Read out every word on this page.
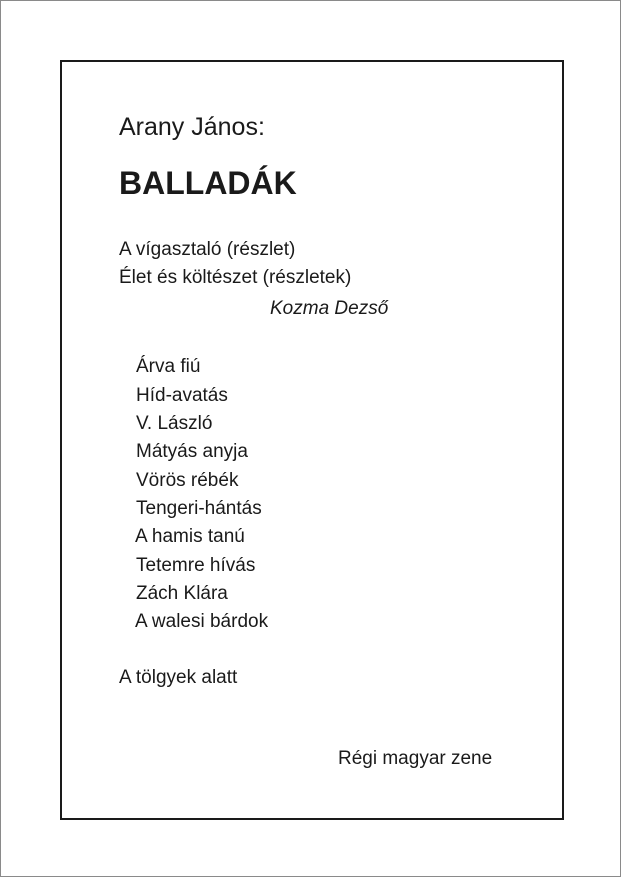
Arany János:
BALLADÁK
A vígasztaló (részlet)
Élet és költészet (részletek)
Kozma Dezső
Árva fiú
Híd-avatás
V. László
Mátyás anyja
Vörös rébék
Tengeri-hántás
A hamis tanú
Tetemre hívás
Zách Klára
A walesi bárdok
A tölgyek alatt
Régi magyar zene
